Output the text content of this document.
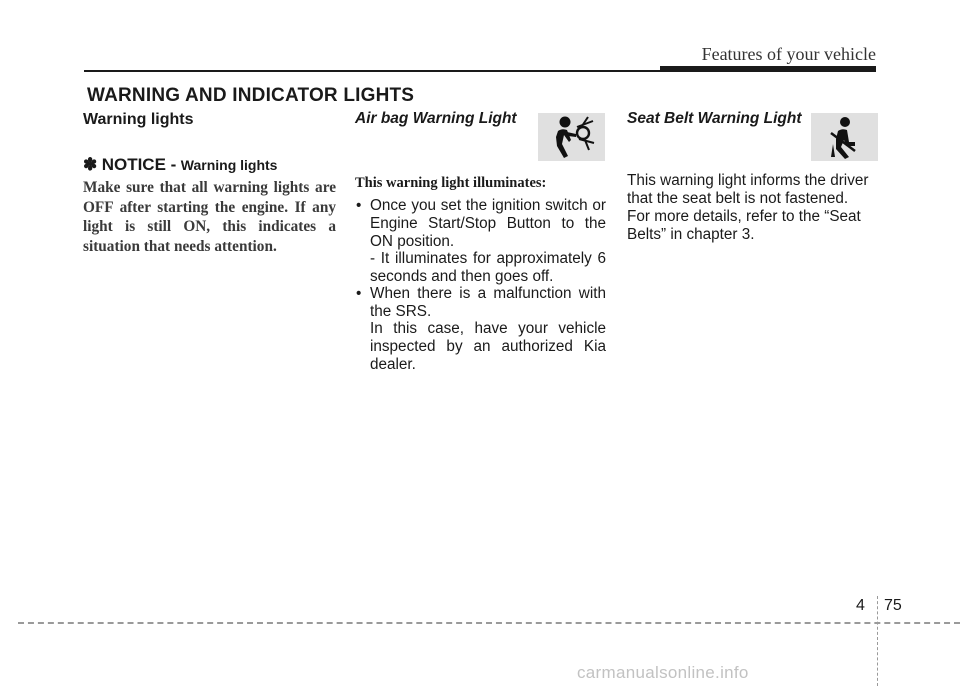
Features of your vehicle
WARNING AND INDICATOR LIGHTS
Warning lights
✽ NOTICE - Warning lights
Make sure that all warning lights are OFF after starting the engine. If any light is still ON, this indicates a situation that needs attention.
Air bag Warning Light
This warning light illuminates:
• Once you set the ignition switch or Engine Start/Stop Button to the ON position.
- It illuminates for approximately 6 seconds and then goes off.
• When there is a malfunction with the SRS.
In this case, have your vehicle inspected by an authorized Kia dealer.
Seat Belt Warning Light
This warning light informs the driver that the seat belt is not fastened.
For more details, refer to the “Seat Belts” in chapter 3.
4 75
carmanualsonline.info
